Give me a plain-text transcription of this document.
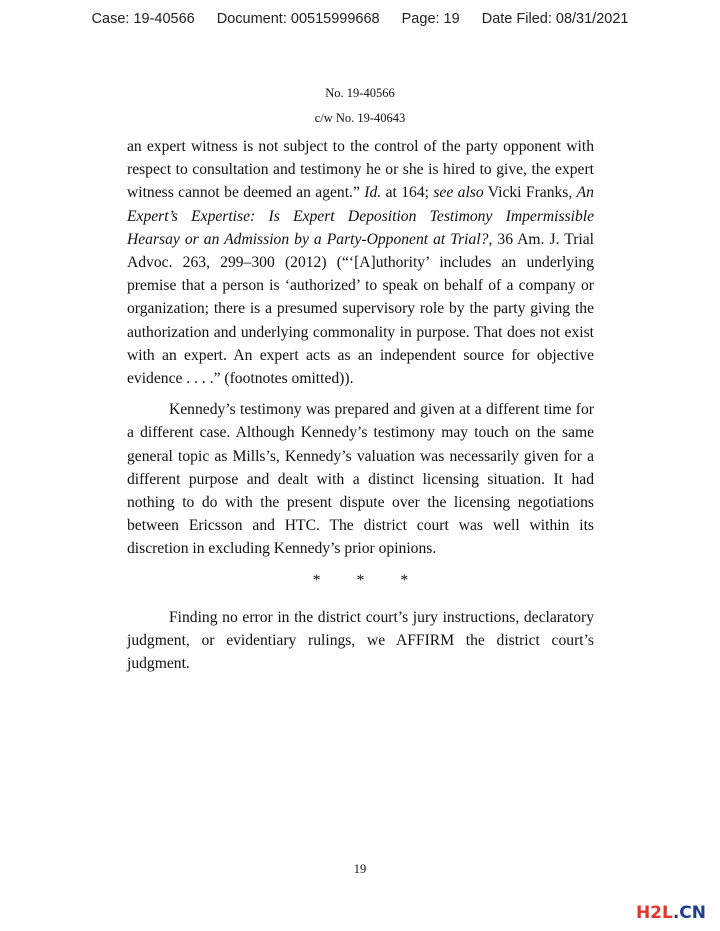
Case: 19-40566 Document: 00515999668 Page: 19 Date Filed: 08/31/2021
No. 19-40566
c/w No. 19-40643

an expert witness is not subject to the control of the party opponent with respect to consultation and testimony he or she is hired to give, the expert witness cannot be deemed an agent.” Id. at 164; see also Vicki Franks, An Expert’s Expertise: Is Expert Deposition Testimony Impermissible Hearsay or an Admission by a Party-Opponent at Trial?, 36 Am. J. Trial Advoc. 263, 299–300 (2012) (“‘[A]uthority’ includes an underlying premise that a person is ‘authorized’ to speak on behalf of a company or organization; there is a presumed supervisory role by the party giving the authorization and underlying commonality in purpose. That does not exist with an expert. An expert acts as an independent source for objective evidence . . . .” (footnotes omitted)).

Kennedy’s testimony was prepared and given at a different time for a different case. Although Kennedy’s testimony may touch on the same general topic as Mills’s, Kennedy’s valuation was necessarily given for a different purpose and dealt with a distinct licensing situation. It had nothing to do with the present dispute over the licensing negotiations between Ericsson and HTC. The district court was well within its discretion in excluding Kennedy’s prior opinions.

* * *

Finding no error in the district court’s jury instructions, declaratory judgment, or evidentiary rulings, we AFFIRM the district court’s judgment.

19
H2L.CN
